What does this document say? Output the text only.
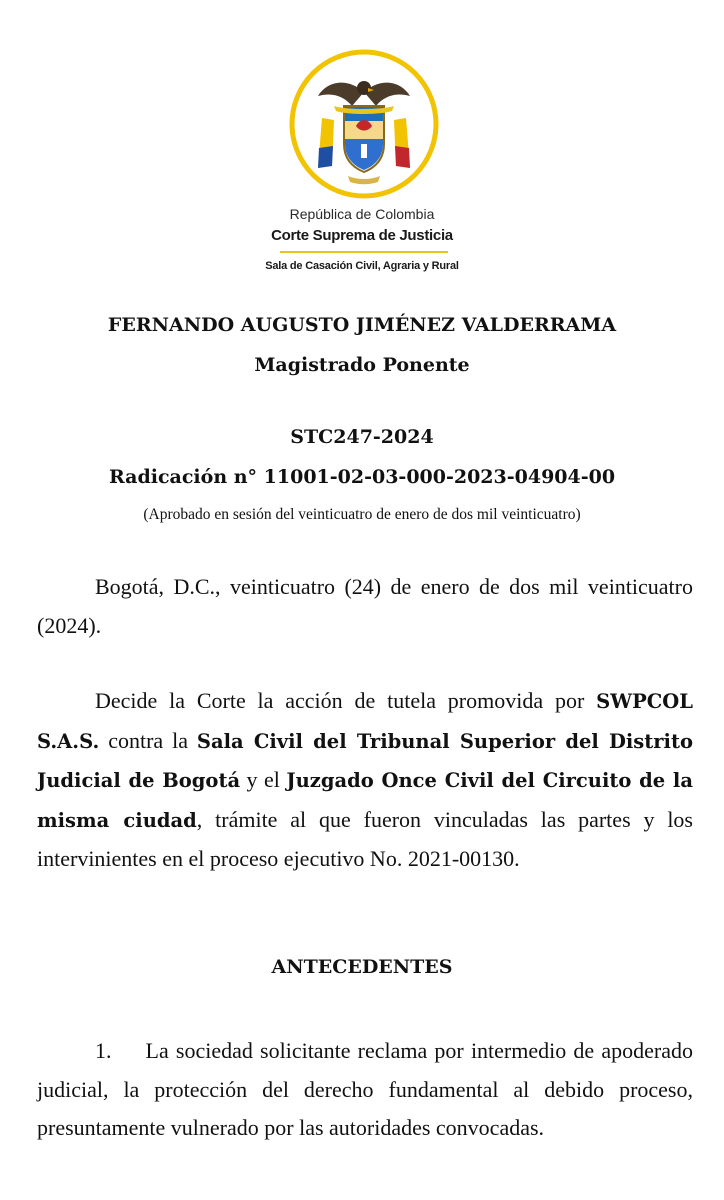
República de Colombia
Corte Suprema de Justicia
Sala de Casación Civil, Agraria y Rural
FERNANDO AUGUSTO JIMÉNEZ VALDERRAMA
Magistrado Ponente
STC247-2024
Radicación n° 11001-02-03-000-2023-04904-00
(Aprobado en sesión del veinticuatro de enero de dos mil veinticuatro)
Bogotá, D.C., veinticuatro (24) de enero de dos mil veinticuatro (2024).
Decide la Corte la acción de tutela promovida por SWPCOL S.A.S. contra la Sala Civil del Tribunal Superior del Distrito Judicial de Bogotá y el Juzgado Once Civil del Circuito de la misma ciudad, trámite al que fueron vinculadas las partes y los intervinientes en el proceso ejecutivo No. 2021-00130.
ANTECEDENTES
1. La sociedad solicitante reclama por intermedio de apoderado judicial, la protección del derecho fundamental al debido proceso, presuntamente vulnerado por las autoridades convocadas.
